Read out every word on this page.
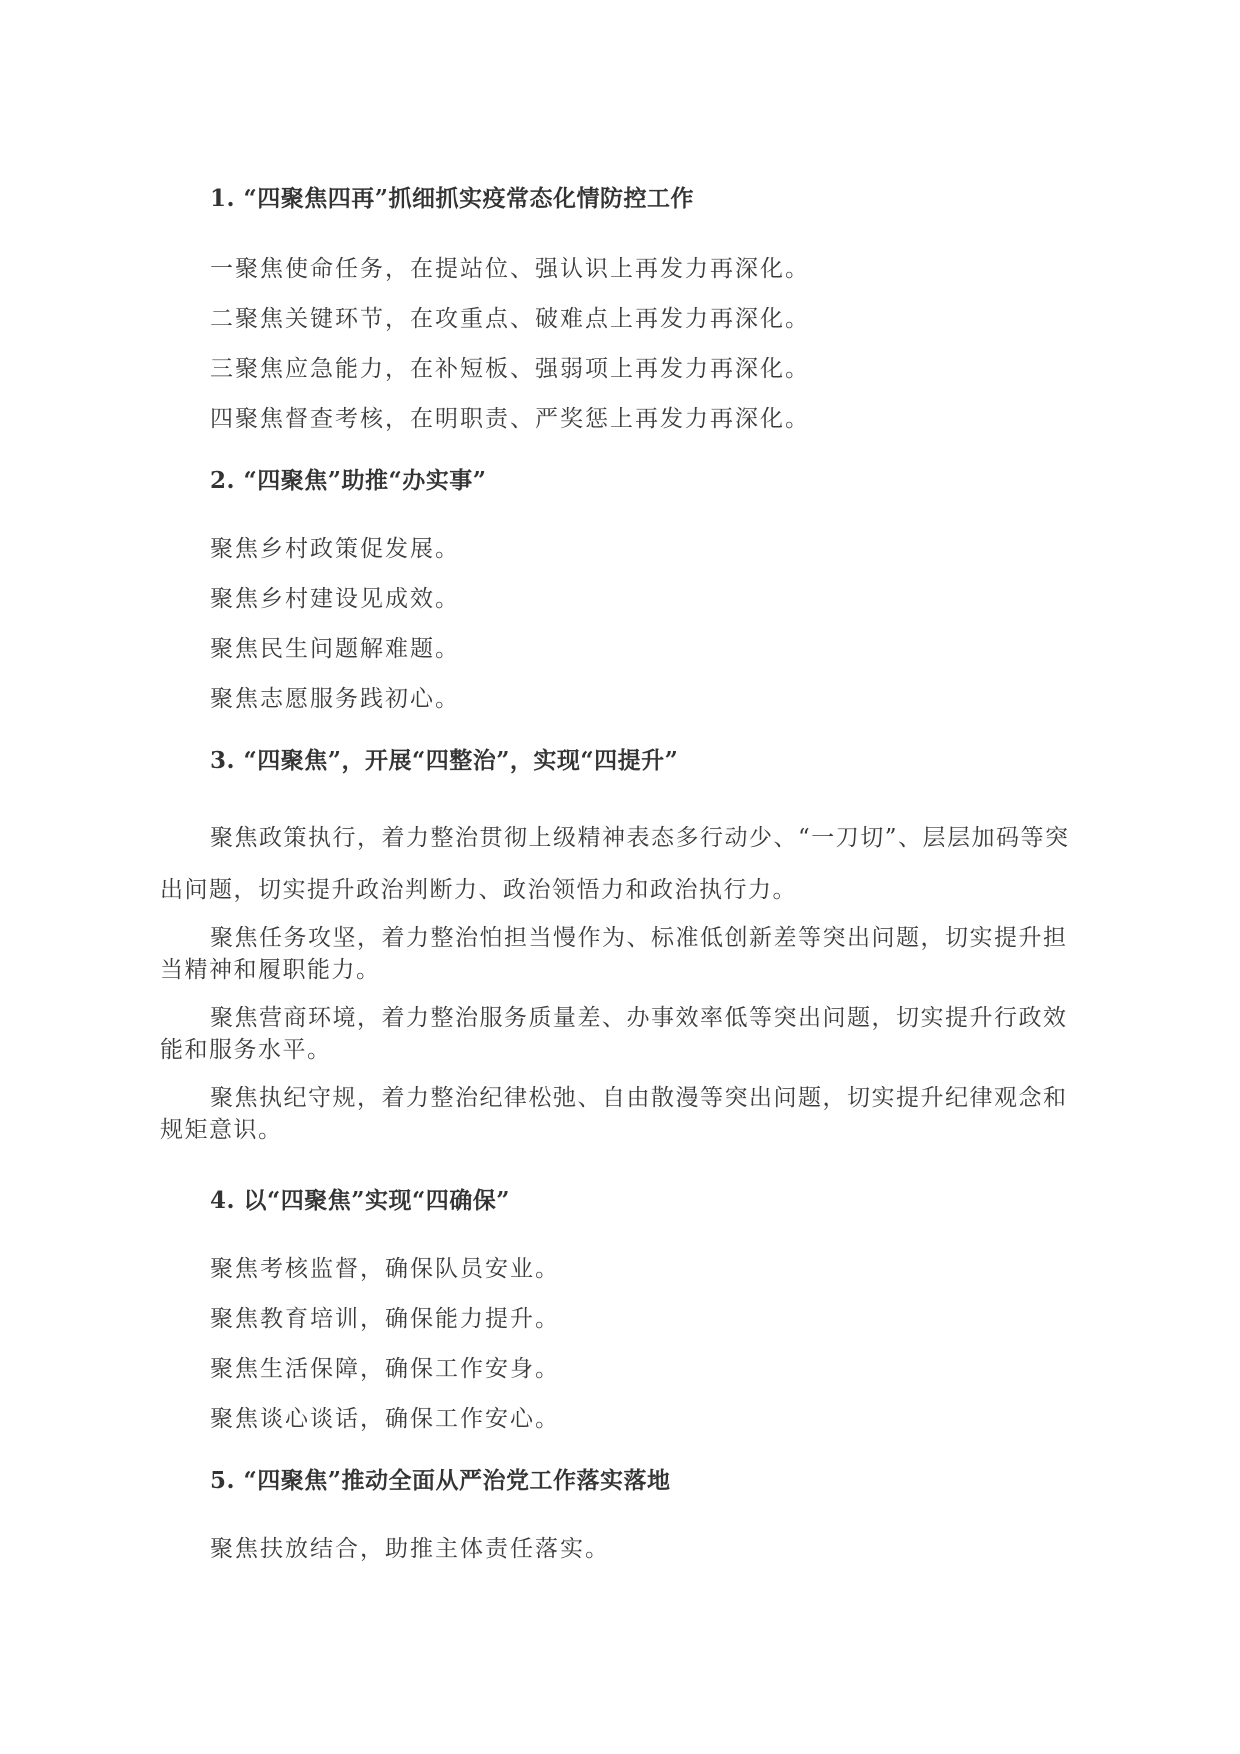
1. “四聚焦四再”抓细抓实疫常态化情防控工作
一聚焦使命任务，在提站位、强认识上再发力再深化。
二聚焦关键环节，在攻重点、破难点上再发力再深化。
三聚焦应急能力，在补短板、强弱项上再发力再深化。
四聚焦督查考核，在明职责、严奖惩上再发力再深化。
2. “四聚焦”助推“办实事”
聚焦乡村政策促发展。
聚焦乡村建设见成效。
聚焦民生问题解难题。
聚焦志愿服务践初心。
3. “四聚焦”，开展“四整治”，实现“四提升”

聚焦政策执行，着力整治贯彻上级精神表态多行动少、“一刀切”、层层加码等突出问题，切实提升政治判断力、政治领悟力和政治执行力。

聚焦任务攻坚，着力整治怕担当慢作为、标准低创新差等突出问题，切实提升担当精神和履职能力。

聚焦营商环境，着力整治服务质量差、办事效率低等突出问题，切实提升行政效能和服务水平。

聚焦执纪守规，着力整治纪律松弛、自由散漫等突出问题，切实提升纪律观念和规矩意识。

4. 以“四聚焦”实现“四确保”
聚焦考核监督，确保队员安业。
聚焦教育培训，确保能力提升。
聚焦生活保障，确保工作安身。
聚焦谈心谈话，确保工作安心。
5. “四聚焦”推动全面从严治党工作落实落地
聚焦扶放结合，助推主体责任落实。
